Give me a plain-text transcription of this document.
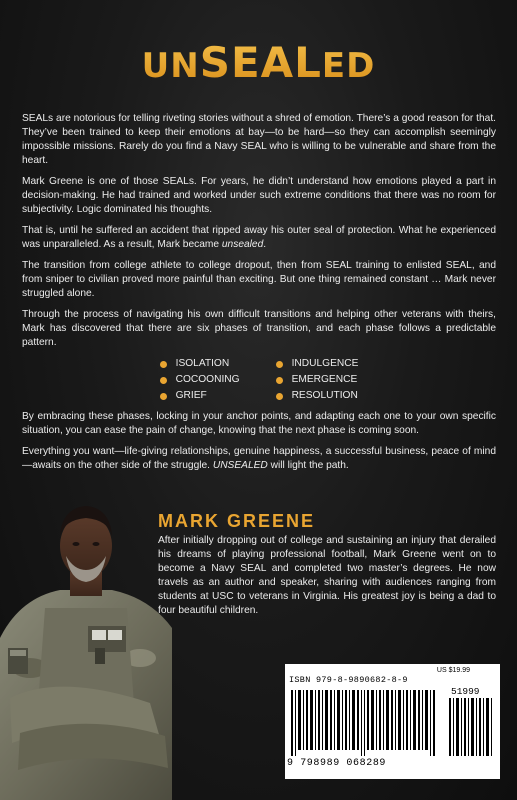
UNSEALED

SEALs are notorious for telling riveting stories without a shred of emotion. There’s a good reason for that. They’ve been trained to keep their emotions at bay—to be hard—so they can accomplish seemingly impossible missions. Rarely do you find a Navy SEAL who is willing to be vulnerable and share from the heart.

Mark Greene is one of those SEALs. For years, he didn’t understand how emotions played a part in decision-making. He had trained and worked under such extreme conditions that there was no room for subjectivity. Logic dominated his thoughts.

That is, until he suffered an accident that ripped away his outer seal of protection. What he experienced was unparalleled. As a result, Mark became unsealed.

The transition from college athlete to college dropout, then from SEAL training to enlisted SEAL, and from sniper to civilian proved more painful than exciting. But one thing remained constant … Mark never struggled alone.

Through the process of navigating his own difficult transitions and helping other veterans with theirs, Mark has discovered that there are six phases of transition, and each phase follows a predictable pattern.

ISOLATION
COCOONING
GRIEF
INDULGENCE
EMERGENCE
RESOLUTION

By embracing these phases, locking in your anchor points, and adapting each one to your own specific situation, you can ease the pain of change, knowing that the next phase is coming soon.

Everything you want—life-giving relationships, genuine happiness, a successful business, peace of mind—awaits on the other side of the struggle. UNSEALED will light the path.

MARK GREENE
After initially dropping out of college and sustaining an injury that derailed his dreams of playing professional football, Mark Greene went on to become a Navy SEAL and completed two master’s degrees. He now travels as an author and speaker, sharing with audiences ranging from students at USC to veterans in Virginia. His greatest joy is being a dad to four beautiful children.
US $19.99
ISBN 979-8-9890682-8-9
51999
9 798989 068289
